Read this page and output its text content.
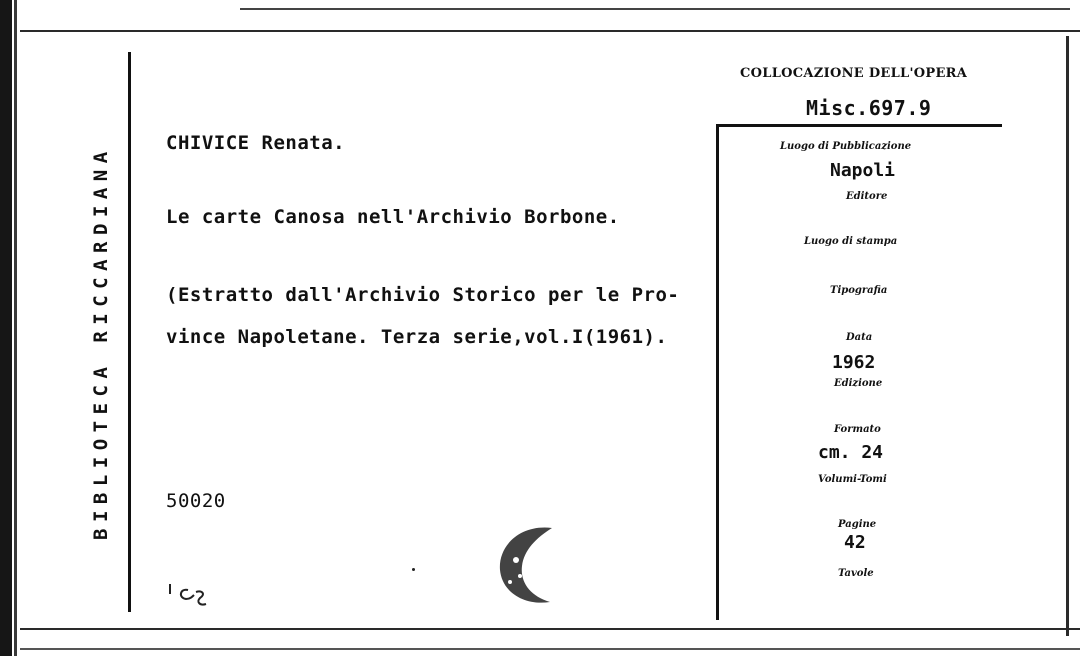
BIBLIOTECA RICCARDIANA
CHIVICE Renata.
Le carte Canosa nell'Archivio Borbone.
(Estratto dall'Archivio Storico per le Pro-
vince Napoletane. Terza serie,vol.I(1961).
50020
COLLOCAZIONE DELL'OPERA
Misc.697.9
Luogo di Pubblicazione
Napoli
Editore
Luogo di stampa
Tipografia
Data
1962
Edizione
Formato
cm. 24
Volumi-Tomi
Pagine
42
Tavole
